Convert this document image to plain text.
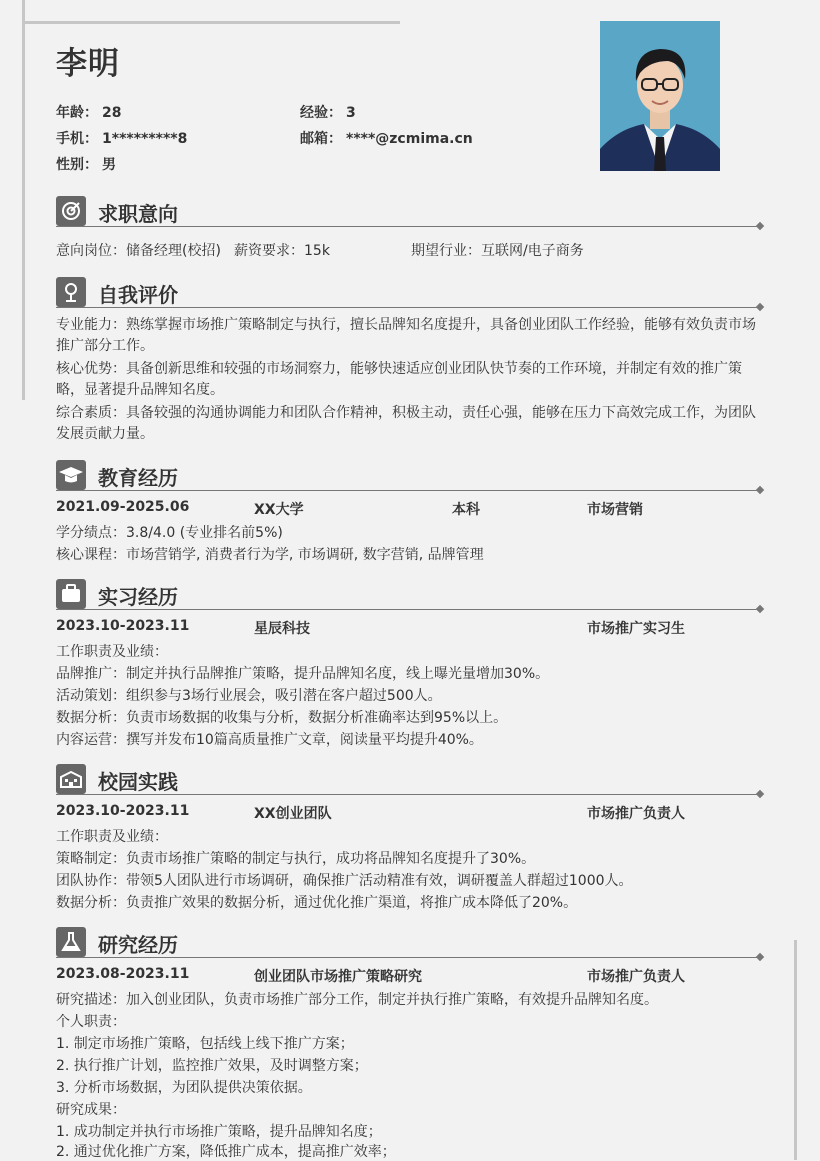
李明
年龄： 28	经验： 3
手机： 1*********8	邮箱： ****@zcmima.cn
性别： 男
求职意向
意向岗位：储备经理(校招) 薪资要求：15k	期望行业：互联网/电子商务
自我评价
专业能力：熟练掌握市场推广策略制定与执行，擅长品牌知名度提升，具备创业团队工作经验，能够有效负责市场推广部分工作。
核心优势：具备创新思维和较强的市场洞察力，能够快速适应创业团队快节奏的工作环境，并制定有效的推广策略，显著提升品牌知名度。
综合素质：具备较强的沟通协调能力和团队合作精神，积极主动，责任心强，能够在压力下高效完成工作，为团队发展贡献力量。
教育经历
2021.09-2025.06	XX大学	本科	市场营销
学分绩点：3.8/4.0 (专业排名前5%)
核心课程：市场营销学, 消费者行为学, 市场调研, 数字营销, 品牌管理
实习经历
2023.10-2023.11	星辰科技	市场推广实习生
工作职责及业绩：
品牌推广：制定并执行品牌推广策略，提升品牌知名度，线上曝光量增加30%。
活动策划：组织参与3场行业展会，吸引潜在客户超过500人。
数据分析：负责市场数据的收集与分析，数据分析准确率达到95%以上。
内容运营：撰写并发布10篇高质量推广文章，阅读量平均提升40%。
校园实践
2023.10-2023.11	XX创业团队	市场推广负责人
工作职责及业绩：
策略制定：负责市场推广策略的制定与执行，成功将品牌知名度提升了30%。
团队协作：带领5人团队进行市场调研，确保推广活动精准有效，调研覆盖人群超过1000人。
数据分析：负责推广效果的数据分析，通过优化推广渠道，将推广成本降低了20%。
研究经历
2023.08-2023.11	创业团队市场推广策略研究	市场推广负责人
研究描述：加入创业团队，负责市场推广部分工作，制定并执行推广策略，有效提升品牌知名度。
个人职责：
1. 制定市场推广策略，包括线上线下推广方案；
2. 执行推广计划，监控推广效果，及时调整方案；
3. 分析市场数据，为团队提供决策依据。
研究成果：
1. 成功制定并执行市场推广策略，提升品牌知名度；
2. 通过优化推广方案，降低推广成本，提高推广效率；
